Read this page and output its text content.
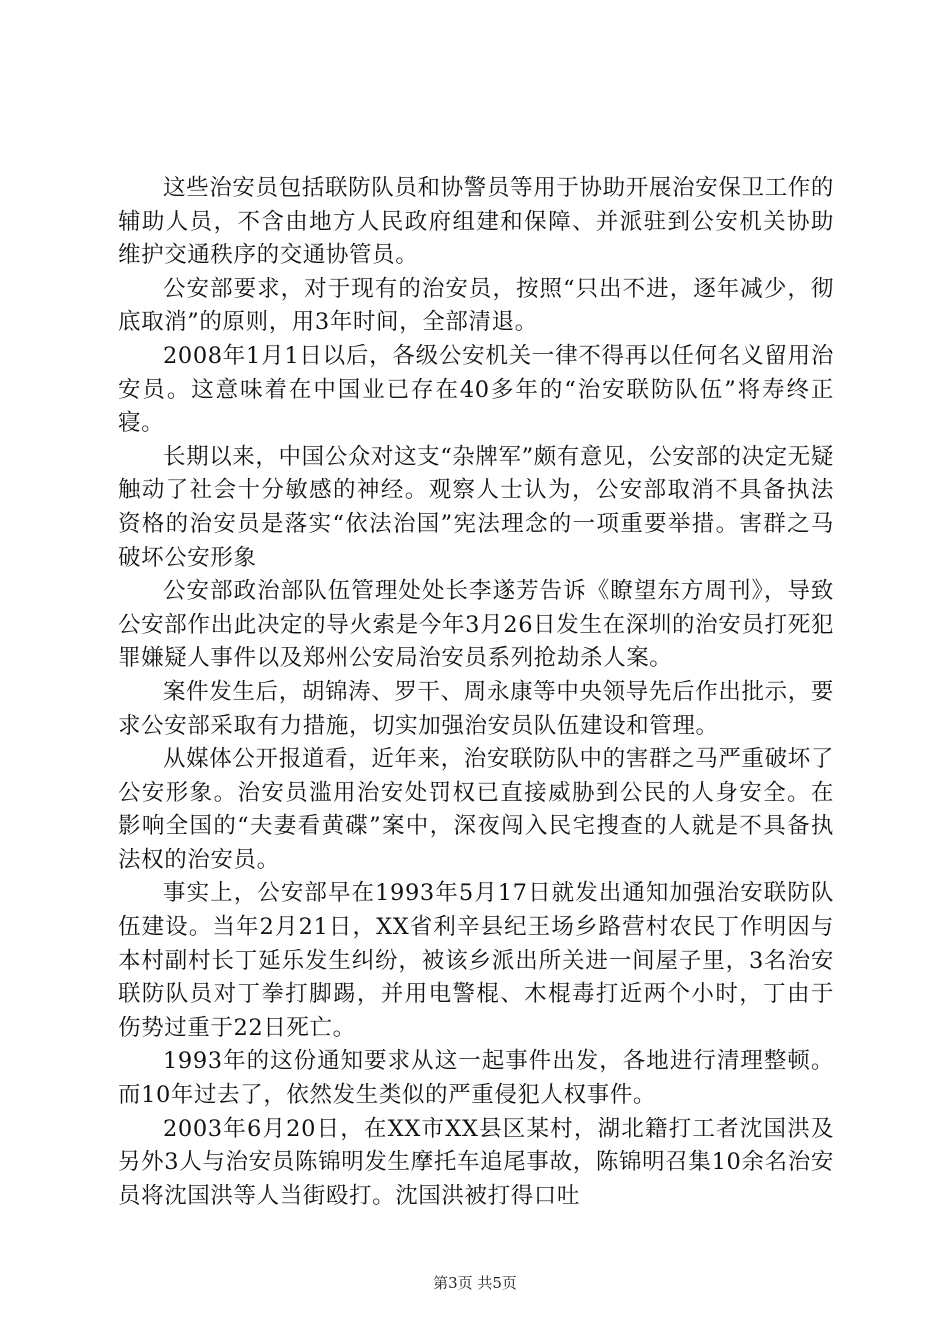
这些治安员包括联防队员和协警员等用于协助开展治安保卫工作的辅助人员，不含由地方人民政府组建和保障、并派驻到公安机关协助维护交通秩序的交通协管员。

公安部要求，对于现有的治安员，按照“只出不进，逐年减少，彻底取消”的原则，用3年时间，全部清退。

2008年1月1日以后，各级公安机关一律不得再以任何名义留用治安员。这意味着在中国业已存在40多年的“治安联防队伍”将寿终正寝。

长期以来，中国公众对这支“杂牌军”颇有意见，公安部的决定无疑触动了社会十分敏感的神经。观察人士认为，公安部取消不具备执法资格的治安员是落实“依法治国”宪法理念的一项重要举措。害群之马破坏公安形象

公安部政治部队伍管理处处长李遂芳告诉《瞭望东方周刊》，导致公安部作出此决定的导火索是今年3月26日发生在深圳的治安员打死犯罪嫌疑人事件以及郑州公安局治安员系列抢劫杀人案。

案件发生后，胡锦涛、罗干、周永康等中央领导先后作出批示，要求公安部采取有力措施，切实加强治安员队伍建设和管理。

从媒体公开报道看，近年来，治安联防队中的害群之马严重破坏了公安形象。治安员滥用治安处罚权已直接威胁到公民的人身安全。在影响全国的“夫妻看黄碟”案中，深夜闯入民宅搜查的人就是不具备执法权的治安员。

事实上，公安部早在1993年5月17日就发出通知加强治安联防队伍建设。当年2月21日，XX省利辛县纪王场乡路营村农民丁作明因与本村副村长丁延乐发生纠纷，被该乡派出所关进一间屋子里，3名治安联防队员对丁拳打脚踢，并用电警棍、木棍毒打近两个小时，丁由于伤势过重于22日死亡。

1993年的这份通知要求从这一起事件出发，各地进行清理整顿。而10年过去了，依然发生类似的严重侵犯人权事件。

2003年6月20日，在XX市XX县区某村，湖北籍打工者沈国洪及另外3人与治安员陈锦明发生摩托车追尾事故，陈锦明召集10余名治安员将沈国洪等人当街殴打。沈国洪被打得口吐

第3页 共5页
